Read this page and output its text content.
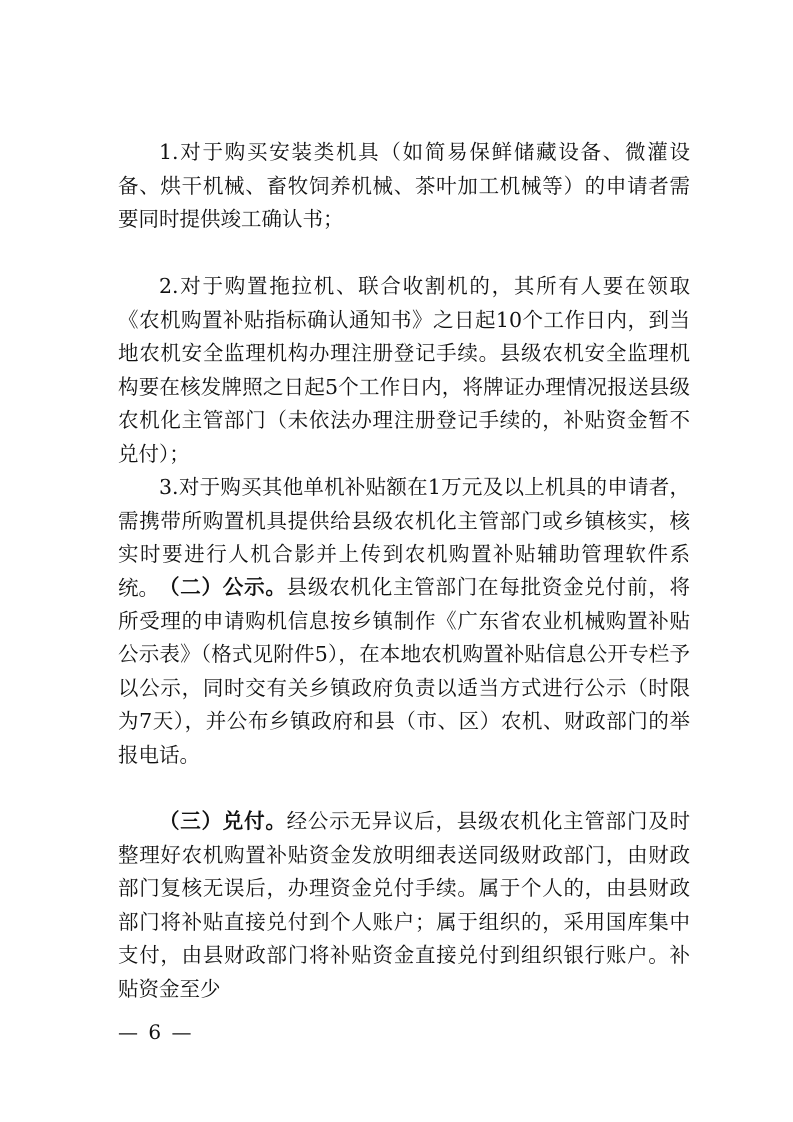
1.对于购买安装类机具（如简易保鲜储藏设备、微灌设备、烘干机械、畜牧饲养机械、茶叶加工机械等）的申请者需要同时提供竣工确认书；

2.对于购置拖拉机、联合收割机的，其所有人要在领取《农机购置补贴指标确认通知书》之日起10个工作日内，到当地农机安全监理机构办理注册登记手续。县级农机安全监理机构要在核发牌照之日起5个工作日内，将牌证办理情况报送县级农机化主管部门（未依法办理注册登记手续的，补贴资金暂不兑付）；

3.对于购买其他单机补贴额在1万元及以上机具的申请者，需携带所购置机具提供给县级农机化主管部门或乡镇核实，核实时要进行人机合影并上传到农机购置补贴辅助管理软件系统。 （二）公示。县级农机化主管部门在每批资金兑付前，将所受理的申请购机信息按乡镇制作《广东省农业机械购置补贴公示表》（格式见附件5），在本地农机购置补贴信息公开专栏予以公示，同时交有关乡镇政府负责以适当方式进行公示（时限为7天），并公布乡镇政府和县（市、区）农机、财政部门的举报电话。

（三）兑付。经公示无异议后，县级农机化主管部门及时整理好农机购置补贴资金发放明细表送同级财政部门，由财政部门复核无误后，办理资金兑付手续。属于个人的，由县财政部门将补贴直接兑付到个人账户；属于组织的，采用国库集中支付，由县财政部门将补贴资金直接兑付到组织银行账户。补贴资金至少

— 6 —
